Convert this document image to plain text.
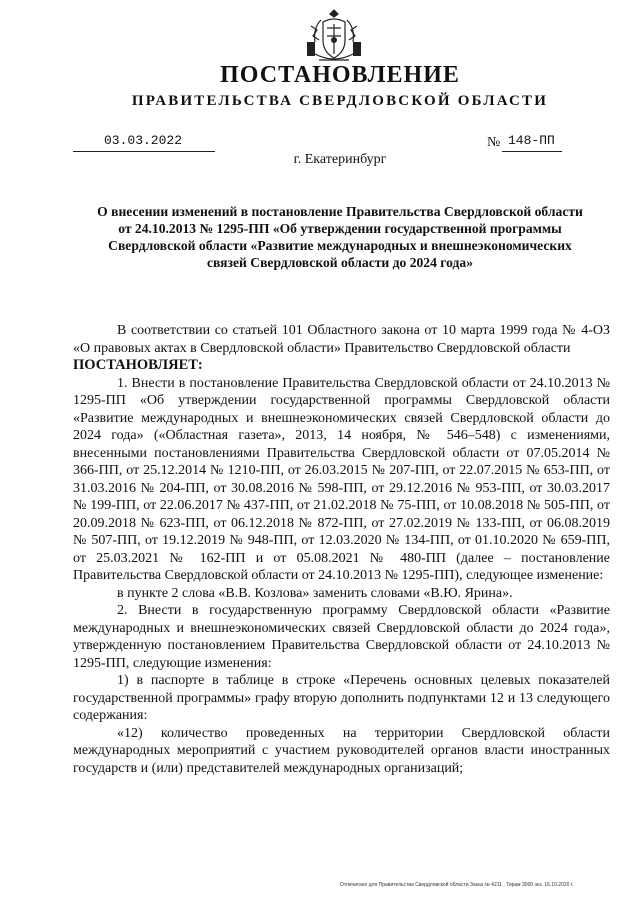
ПОСТАНОВЛЕНИЕ
ПРАВИТЕЛЬСТВА СВЕРДЛОВСКОЙ ОБЛАСТИ
03.03.2022	№ 148-ПП
г. Екатеринбург

О внесении изменений в постановление Правительства Свердловской области от 24.10.2013 № 1295-ПП «Об утверждении государственной программы Свердловской области «Развитие международных и внешнеэкономических связей Свердловской области до 2024 года»

В соответствии со статьей 101 Областного закона от 10 марта 1999 года № 4-ОЗ «О правовых актах в Свердловской области» Правительство Свердловской области

ПОСТАНОВЛЯЕТ:

1. Внести в постановление Правительства Свердловской области от 24.10.2013 № 1295-ПП «Об утверждении государственной программы Свердловской области «Развитие международных и внешнеэкономических связей Свердловской области до 2024 года» («Областная газета», 2013, 14 ноября, № 546–548) с изменениями, внесенными постановлениями Правительства Свердловской области от 07.05.2014 № 366-ПП, от 25.12.2014 № 1210-ПП, от 26.03.2015 № 207-ПП, от 22.07.2015 № 653-ПП, от 31.03.2016 № 204-ПП, от 30.08.2016 № 598-ПП, от 29.12.2016 № 953-ПП, от 30.03.2017 № 199-ПП, от 22.06.2017 № 437-ПП, от 21.02.2018 № 75-ПП, от 10.08.2018 № 505-ПП, от 20.09.2018 № 623-ПП, от 06.12.2018 № 872-ПП, от 27.02.2019 № 133-ПП, от 06.08.2019 № 507-ПП, от 19.12.2019 № 948-ПП, от 12.03.2020 № 134-ПП, от 01.10.2020 № 659-ПП, от 25.03.2021 № 162-ПП и от 05.08.2021 № 480-ПП (далее – постановление Правительства Свердловской области от 24.10.2013 № 1295-ПП), следующее изменение:

в пункте 2 слова «В.В. Козлова» заменить словами «В.Ю. Ярина».

2. Внести в государственную программу Свердловской области «Развитие международных и внешнеэкономических связей Свердловской области до 2024 года», утвержденную постановлением Правительства Свердловской области от 24.10.2013 № 1295-ПП, следующие изменения:

1) в паспорте в таблице в строке «Перечень основных целевых показателей государственной программы» графу вторую дополнить подпунктами 12 и 13 следующего содержания:

«12) количество проведенных на территории Свердловской области международных мероприятий с участием руководителей органов власти иностранных государств и (или) представителей международных организаций;

Отпечатано для Правительства Свердловской области Заказ № 4211 . Тираж 3000 экз. 16.10.2020 г.
